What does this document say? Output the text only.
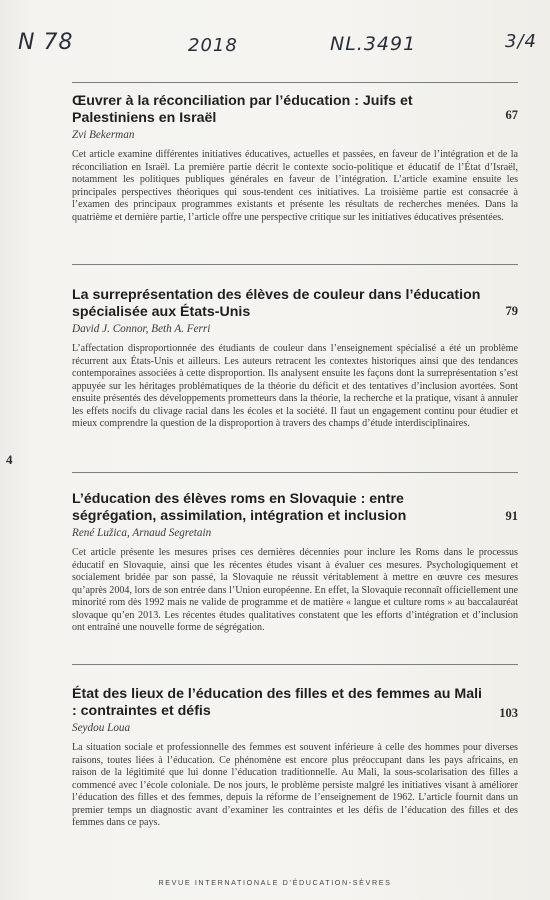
N 78	2018	NL.3491	3/4
Œuvrer à la réconciliation par l’éducation : Juifs et Palestiniens en Israël	67
Zvi Bekerman

Cet article examine différentes initiatives éducatives, actuelles et passées, en faveur de l’intégration et de la réconciliation en Israël. La première partie décrit le contexte socio-politique et éducatif de l’État d’Israël, notamment les politiques publiques générales en faveur de l’intégration. L’article examine ensuite les principales perspectives théoriques qui sous-tendent ces initiatives. La troisième partie est consacrée à l’examen des principaux programmes existants et présente les résultats de recherches menées. Dans la quatrième et dernière partie, l’article offre une perspective critique sur les initiatives éducatives présentées.

La surreprésentation des élèves de couleur dans l’éducation spécialisée aux États-Unis	79
David J. Connor, Beth A. Ferri

L’affectation disproportionnée des étudiants de couleur dans l’enseignement spécialisé a été un problème récurrent aux États-Unis et ailleurs. Les auteurs retracent les contextes historiques ainsi que des tendances contemporaines associées à cette disproportion. Ils analysent ensuite les façons dont la surreprésentation s’est appuyée sur les héritages problématiques de la théorie du déficit et des tentatives d’inclusion avortées. Sont ensuite présentés des développements prometteurs dans la théorie, la recherche et la pratique, visant à annuler les effets nocifs du clivage racial dans les écoles et la société. Il faut un engagement continu pour étudier et mieux comprendre la question de la disproportion à travers des champs d’étude interdisciplinaires.

4
L’éducation des élèves roms en Slovaquie : entre ségrégation, assimilation, intégration et inclusion	91
René Lužica, Arnaud Segretain

Cet article présente les mesures prises ces dernières décennies pour inclure les Roms dans le processus éducatif en Slovaquie, ainsi que les récentes études visant à évaluer ces mesures. Psychologiquement et socialement bridée par son passé, la Slovaquie ne réussit véritablement à mettre en œuvre ces mesures qu’après 2004, lors de son entrée dans l’Union européenne. En effet, la Slovaquie reconnaît officiellement une minorité rom dès 1992 mais ne valide de programme et de matière « langue et culture roms » au baccalauréat slovaque qu’en 2013. Les récentes études qualitatives constatent que les efforts d’intégration et d’inclusion ont entraîné une nouvelle forme de ségrégation.

État des lieux de l’éducation des filles et des femmes au Mali : contraintes et défis	103
Seydou Loua

La situation sociale et professionnelle des femmes est souvent inférieure à celle des hommes pour diverses raisons, toutes liées à l’éducation. Ce phénomène est encore plus préoccupant dans les pays africains, en raison de la légitimité que lui donne l’éducation traditionnelle. Au Mali, la sous-scolarisation des filles a commencé avec l’école coloniale. De nos jours, le problème persiste malgré les initiatives visant à améliorer l’éducation des filles et des femmes, depuis la réforme de l’enseignement de 1962. L’article fournit dans un premier temps un diagnostic avant d’examiner les contraintes et les défis de l’éducation des filles et des femmes dans ce pays.

REVUE INTERNATIONALE D’ÉDUCATION-SÈVRES
